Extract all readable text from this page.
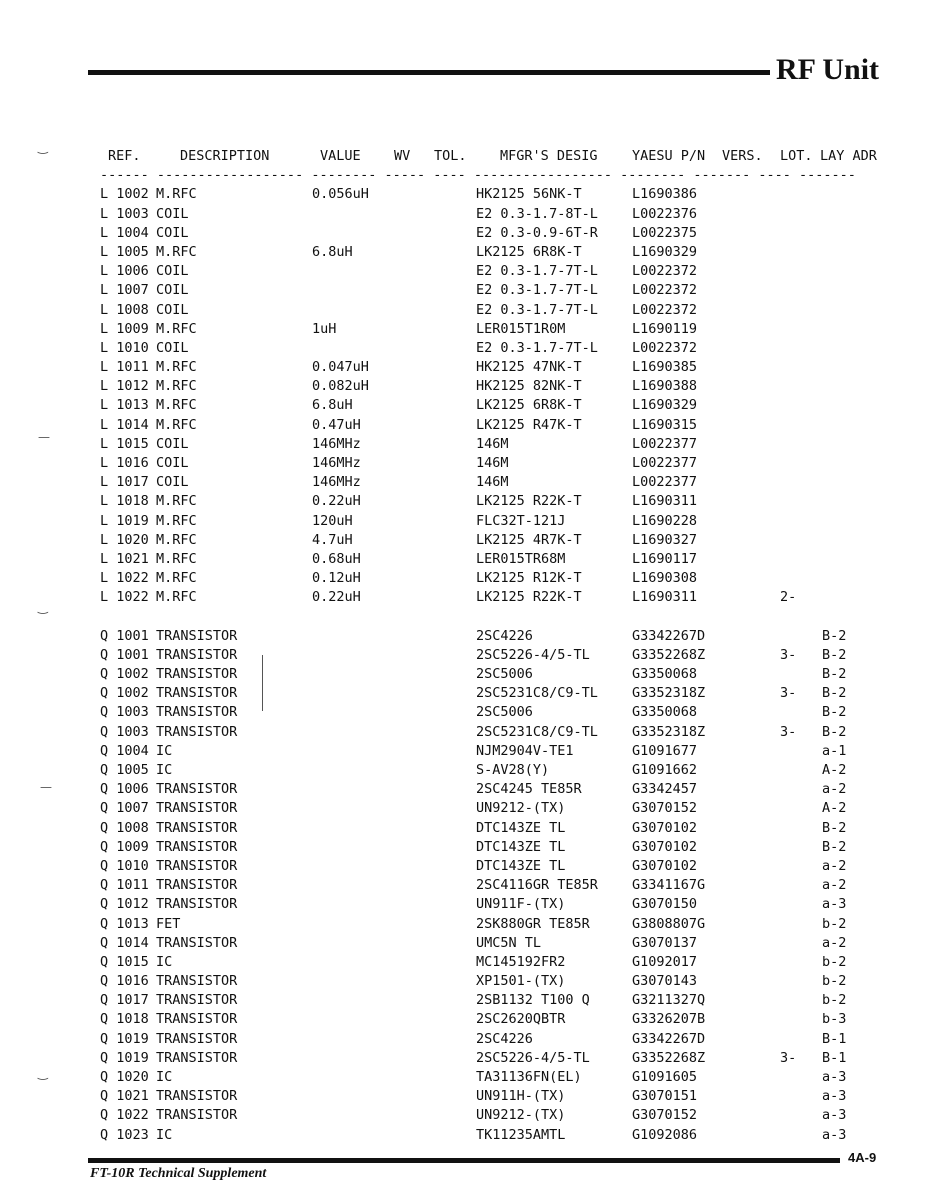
RF Unit
‿
—
‿
—
‿
REF.	DESCRIPTION	VALUE WV TOL. MFGR'S DESIG	YAESU P/N VERS. LOT. LAY ADR
------ ------------------ -------- ----- ---- ----------------- -------- ------- ---- -------
L 1002 M.RFC	0.056uH	HK2125 56NK-T	L1690386
L 1003 COIL	E2 0.3-1.7-8T-L	L0022376
L 1004 COIL	E2 0.3-0.9-6T-R	L0022375
L 1005 M.RFC	6.8uH	LK2125 6R8K-T	L1690329
L 1006 COIL	E2 0.3-1.7-7T-L	L0022372
L 1007 COIL	E2 0.3-1.7-7T-L	L0022372
L 1008 COIL	E2 0.3-1.7-7T-L	L0022372
L 1009 M.RFC	1uH	LER015T1R0M	L1690119
L 1010 COIL	E2 0.3-1.7-7T-L	L0022372
L 1011 M.RFC	0.047uH	HK2125 47NK-T	L1690385
L 1012 M.RFC	0.082uH	HK2125 82NK-T	L1690388
L 1013 M.RFC	6.8uH	LK2125 6R8K-T	L1690329
L 1014 M.RFC	0.47uH	LK2125 R47K-T	L1690315
L 1015 COIL	146MHz	146M	L0022377
L 1016 COIL	146MHz	146M	L0022377
L 1017 COIL	146MHz	146M	L0022377
L 1018 M.RFC	0.22uH	LK2125 R22K-T	L1690311
L 1019 M.RFC	120uH	FLC32T-121J	L1690228
L 1020 M.RFC	4.7uH	LK2125 4R7K-T	L1690327
L 1021 M.RFC	0.68uH	LER015TR68M	L1690117
L 1022 M.RFC	0.12uH	LK2125 R12K-T	L1690308
L 1022 M.RFC	0.22uH	LK2125 R22K-T	L1690311	2-
Q 1001 TRANSISTOR	2SC4226	G3342267D	B-2
Q 1001 TRANSISTOR	2SC5226-4/5-TL	G3352268Z	3- B-2
Q 1002 TRANSISTOR	2SC5006	G3350068	B-2
Q 1002 TRANSISTOR	2SC5231C8/C9-TL	G3352318Z	3- B-2
Q 1003 TRANSISTOR	2SC5006	G3350068	B-2
Q 1003 TRANSISTOR	2SC5231C8/C9-TL	G3352318Z	3- B-2
Q 1004 IC	NJM2904V-TE1	G1091677	a-1
Q 1005 IC	S-AV28(Y)	G1091662	A-2
Q 1006 TRANSISTOR	2SC4245 TE85R	G3342457	a-2
Q 1007 TRANSISTOR	UN9212-(TX)	G3070152	A-2
Q 1008 TRANSISTOR	DTC143ZE TL	G3070102	B-2
Q 1009 TRANSISTOR	DTC143ZE TL	G3070102	B-2
Q 1010 TRANSISTOR	DTC143ZE TL	G3070102	a-2
Q 1011 TRANSISTOR	2SC4116GR TE85R	G3341167G	a-2
Q 1012 TRANSISTOR	UN911F-(TX)	G3070150	a-3
Q 1013 FET	2SK880GR TE85R	G3808807G	b-2
Q 1014 TRANSISTOR	UMC5N TL	G3070137	a-2
Q 1015 IC	MC145192FR2	G1092017	b-2
Q 1016 TRANSISTOR	XP1501-(TX)	G3070143	b-2
Q 1017 TRANSISTOR	2SB1132 T100 Q	G3211327Q	b-2
Q 1018 TRANSISTOR	2SC2620QBTR	G3326207B	b-3
Q 1019 TRANSISTOR	2SC4226	G3342267D	B-1
Q 1019 TRANSISTOR	2SC5226-4/5-TL	G3352268Z	3- B-1
Q 1020 IC	TA31136FN(EL)	G1091605	a-3
Q 1021 TRANSISTOR	UN911H-(TX)	G3070151	a-3
Q 1022 TRANSISTOR	UN9212-(TX)	G3070152	a-3
Q 1023 IC	TK11235AMTL	G1092086	a-3
FT-10R Technical Supplement
4A-9
